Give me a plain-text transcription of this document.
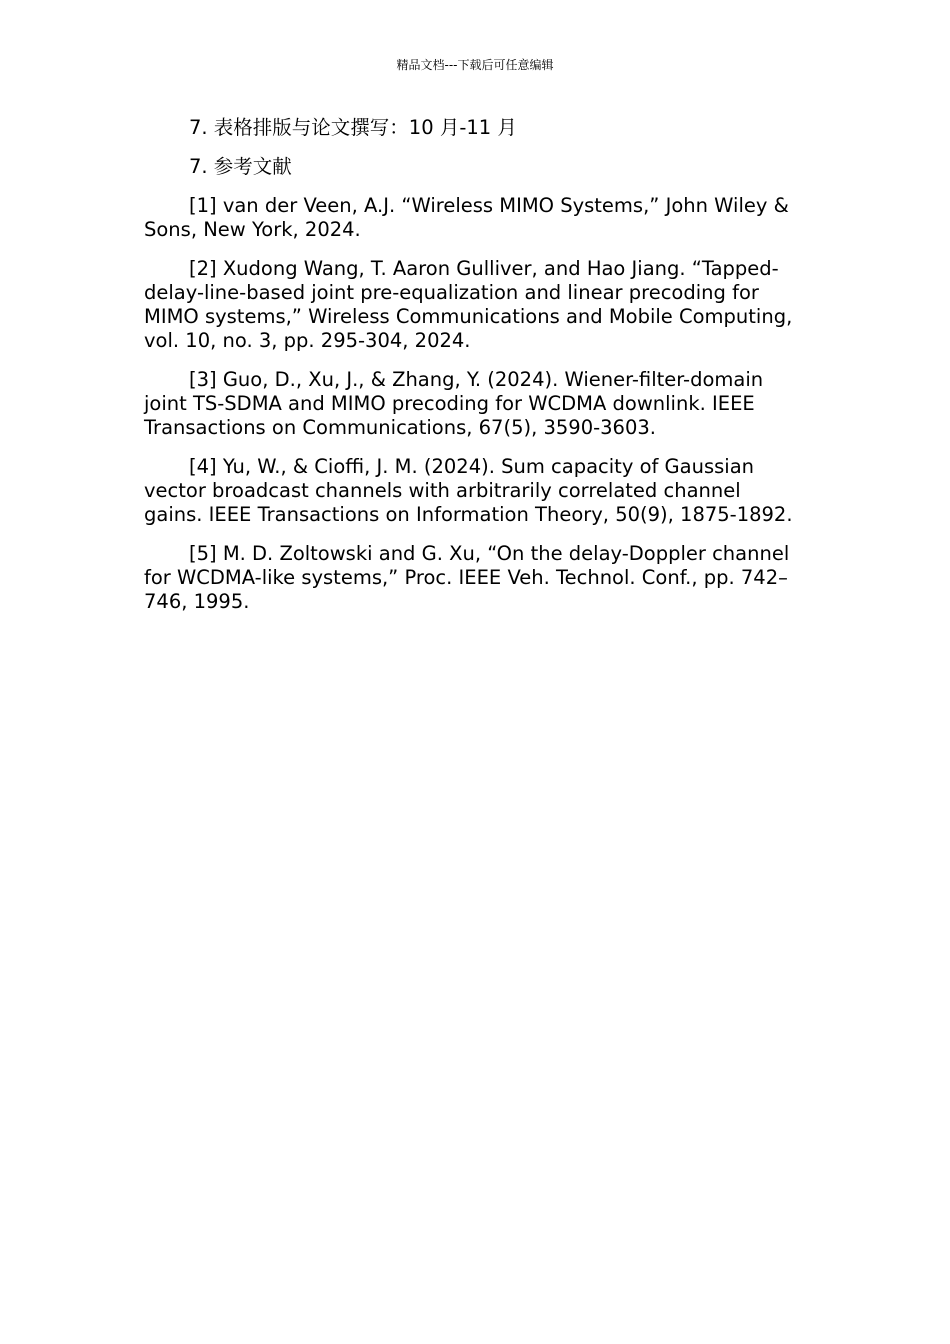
精品文档---下载后可任意编辑

7. 表格排版与论文撰写：10 月-11 月

7. 参考文献

[1] van der Veen, A.J. “Wireless MIMO Systems,” John Wiley & Sons, New York, 2024.

[2] Xudong Wang, T. Aaron Gulliver, and Hao Jiang. “Tapped-delay-line-based joint pre-equalization and linear precoding for MIMO systems,” Wireless Communications and Mobile Computing, vol. 10, no. 3, pp. 295-304, 2024.

[3] Guo, D., Xu, J., & Zhang, Y. (2024). Wiener-filter-domain joint TS-SDMA and MIMO precoding for WCDMA downlink. IEEE Transactions on Communications, 67(5), 3590-3603.

[4] Yu, W., & Cioffi, J. M. (2024). Sum capacity of Gaussian vector broadcast channels with arbitrarily correlated channel gains. IEEE Transactions on Information Theory, 50(9), 1875-1892.

[5] M. D. Zoltowski and G. Xu, “On the delay-Doppler channel for WCDMA-like systems,” Proc. IEEE Veh. Technol. Conf., pp. 742–746, 1995.
